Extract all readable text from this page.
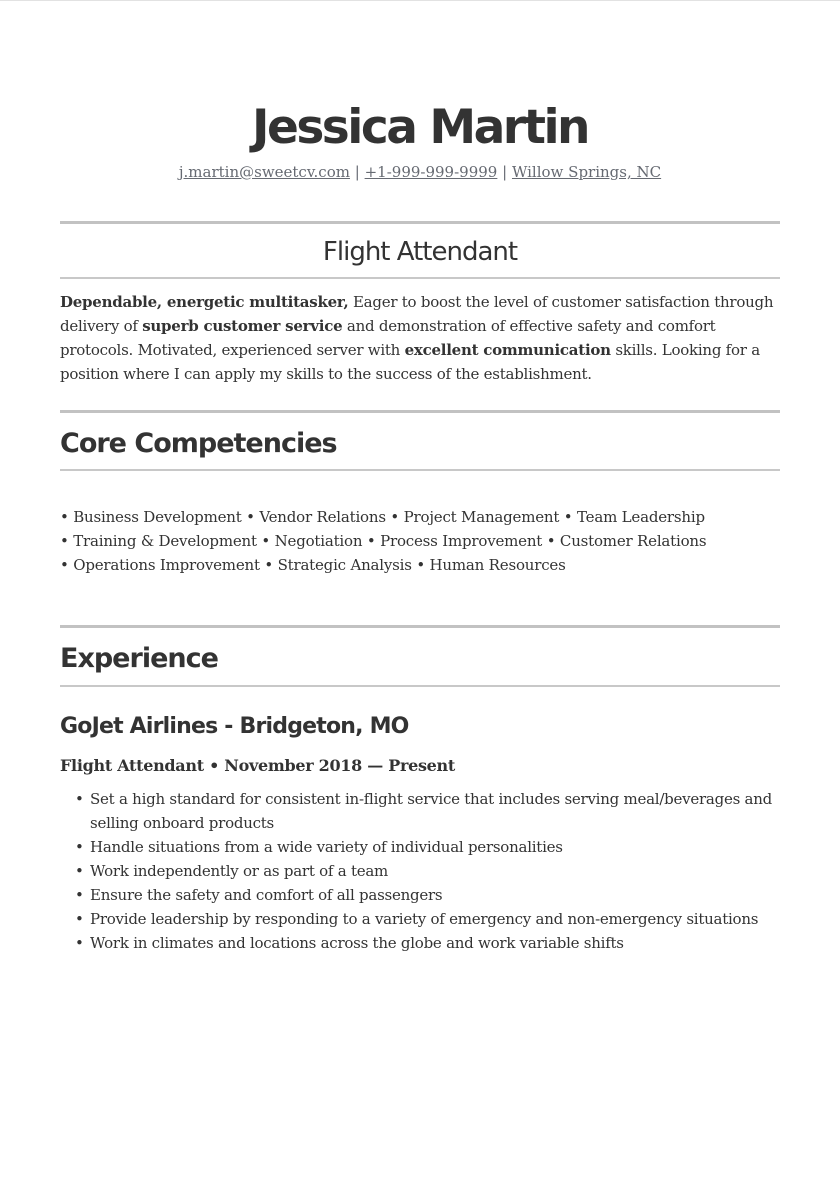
Jessica Martin
j.martin@sweetcv.com | +1-999-999-9999 | Willow Springs, NC
Flight Attendant
Dependable, energetic multitasker, Eager to boost the level of customer satisfaction through delivery of superb customer service and demonstration of effective safety and comfort protocols. Motivated, experienced server with excellent communication skills. Looking for a position where I can apply my skills to the success of the establishment.
Core Competencies
• Business Development • Vendor Relations • Project Management • Team Leadership
• Training & Development • Negotiation • Process Improvement • Customer Relations
• Operations Improvement • Strategic Analysis • Human Resources
Experience
GoJet Airlines - Bridgeton, MO
Flight Attendant • November 2018 — Present
• Set a high standard for consistent in-flight service that includes serving meal/beverages and selling onboard products
• Handle situations from a wide variety of individual personalities
• Work independently or as part of a team
• Ensure the safety and comfort of all passengers
• Provide leadership by responding to a variety of emergency and non-emergency situations
• Work in climates and locations across the globe and work variable shifts
